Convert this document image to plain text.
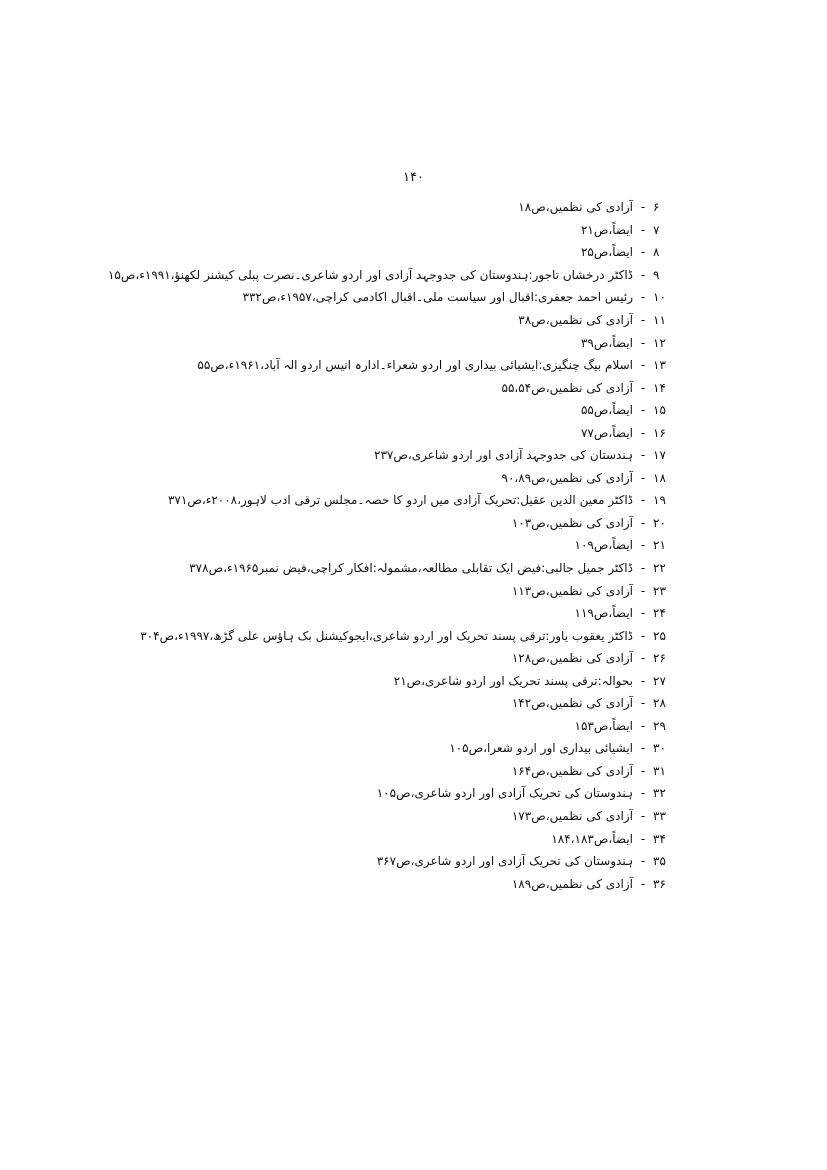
۱۴۰
۶
-
آزادی کی نظمیں،ص۱۸
۷
-
ایضاً،ص۲۱
۸
-
ایضاً،ص۲۵
۹
-
ڈاکٹر درخشاں تاجور:ہندوستان کی جدوجہد آزادی اور اردو شاعری۔نصرت پبلی کیشنز لکھنؤ،۱۹۹۱ء،ص۱۵
۱۰
-
رئیس احمد جعفری:اقبال اور سیاست ملی۔اقبال اکادمی کراچی،۱۹۵۷ء،ص۳۳۲
۱۱
-
آزادی کی نظمیں،ص۳۸
۱۲
-
ایضاً،ص۳۹
۱۳
-
اسلام بیگ چنگیزی:ایشیائی بیداری اور اردو شعراء۔ادارہ انیس اردو الہ آباد،۱۹۶۱ء،ص۵۵
۱۴
-
آزادی کی نظمیں،ص۵۵،۵۴
۱۵
-
ایضاً،ص۵۵
۱۶
-
ایضاً،ص۷۷
۱۷
-
ہندستان کی جدوجہد آزادی اور اردو شاعری،ص۲۳۷
۱۸
-
آزادی کی نظمیں،ص۹۰،۸۹
۱۹
-
ڈاکٹر معین الدین عقیل:تحریک آزادی میں اردو کا حصہ۔مجلس ترقی ادب لاہور،۲۰۰۸ء،ص۳۷۱
۲۰
-
آزادی کی نظمیں،ص۱۰۳
۲۱
-
ایضاً،ص۱۰۹
۲۲
-
ڈاکٹر جمیل جالبی:فیض ایک تقابلی مطالعہ،مشمولہ:افکار کراچی،فیض نمبر۱۹۶۵ء،ص۳۷۸
۲۳
-
آزادی کی نظمیں،ص۱۱۳
۲۴
-
ایضاً،ص۱۱۹
۲۵
-
ڈاکٹر یعقوب یاور:ترقی پسند تحریک اور اردو شاعری،ایجوکیشنل بک ہاؤس علی گڑھ،۱۹۹۷ء،ص۳۰۴
۲۶
-
آزادی کی نظمیں،ص۱۲۸
۲۷
-
بحوالہ:ترقی پسند تحریک اور اردو شاعری،ص۲۱
۲۸
-
آزادی کی نظمیں،ص۱۴۲
۲۹
-
ایضاً،ص۱۵۳
۳۰
-
ایشیائی بیداری اور اردو شعرا،ص۱۰۵
۳۱
-
آزادی کی نظمیں،ص۱۶۴
۳۲
-
ہندوستان کی تحریک آزادی اور اردو شاعری،ص۱۰۵
۳۳
-
آزادی کی نظمیں،ص۱۷۳
۳۴
-
ایضاً،ص۱۸۴،۱۸۳
۳۵
-
ہندوستان کی تحریک آزادی اور اردو شاعری،ص۳۶۷
۳۶
-
آزادی کی نظمیں،ص۱۸۹
